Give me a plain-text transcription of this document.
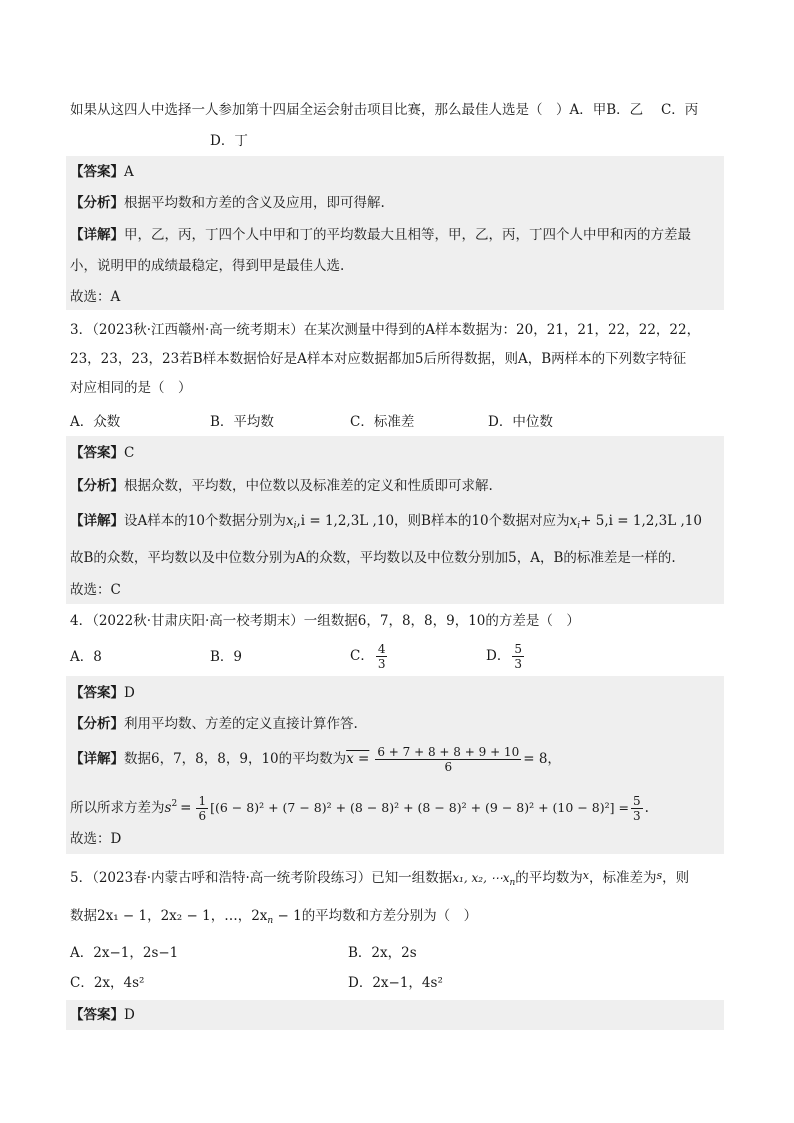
如果从这四人中选择一人参加第十四届全运会射击项目比赛，那么最佳人选是（　）A．甲B．乙　 C．丙
D．丁
【答案】A
【分析】根据平均数和方差的含义及应用，即可得解.
【详解】甲，乙，丙，丁四个人中甲和丁的平均数最大且相等，甲，乙，丙，丁四个人中甲和丙的方差最
小，说明甲的成绩最稳定，得到甲是最佳人选.
故选：A
3．（2023秋·江西赣州·高一统考期末）在某次测量中得到的A样本数据为：20，21，21，22，22，22，
23，23，23，23若B样本数据恰好是A样本对应数据都加5后所得数据，则A，B两样本的下列数字特征
对应相同的是（　）
A．众数	B．平均数	C．标准差	D．中位数
【答案】C
【分析】根据众数，平均数，中位数以及标准差的定义和性质即可求解.
【详解】设A样本的10个数据分别为$x_i,i = 1,2,3L$ ,10，则B样本的10个数据对应为$x_i+ 5,i = 1,2,3L$ ,10
故B的众数，平均数以及中位数分别为A的众数，平均数以及中位数分别加5，A，B的标准差是一样的.
故选：C
4．（2022秋·甘肃庆阳·高一校考期末）一组数据6，7，8，8，9，10的方差是（　）
A．8	B．9	C． $\frac{4}{3}$	D． $\frac{5}{3}$
【答案】D
【分析】利用平均数、方差的定义直接计算作答.
【详解】数据6，7，8，8，9，10的平均数为$x = \frac{6 + 7 + 8 + 8 + 9 + 10}{6} = 8$，
所以所求方差为$s^2 = \frac{1}{6} [(6 - 8)^2 + (7 - 8)^2 + (8 - 8)^2 + (8 - 8)^2 + (9 - 8)^2 + (10 - 8)^2] = \frac{5}{3}$ .
故选：D
5．（2023春·内蒙古呼和浩特·高一统考阶段练习）已知一组数据x₁, x₂, $\cdots x_n$的平均数为$^x$，标准差为$^s$，则
数据2x₁ − 1，2x₂ − 1，…，$2x_n - 1$的平均数和方差分别为（　）
A．2x−1，2s−1	B．2x，2s
C．2x，4s²	D．2x−1，4s²
【答案】D
